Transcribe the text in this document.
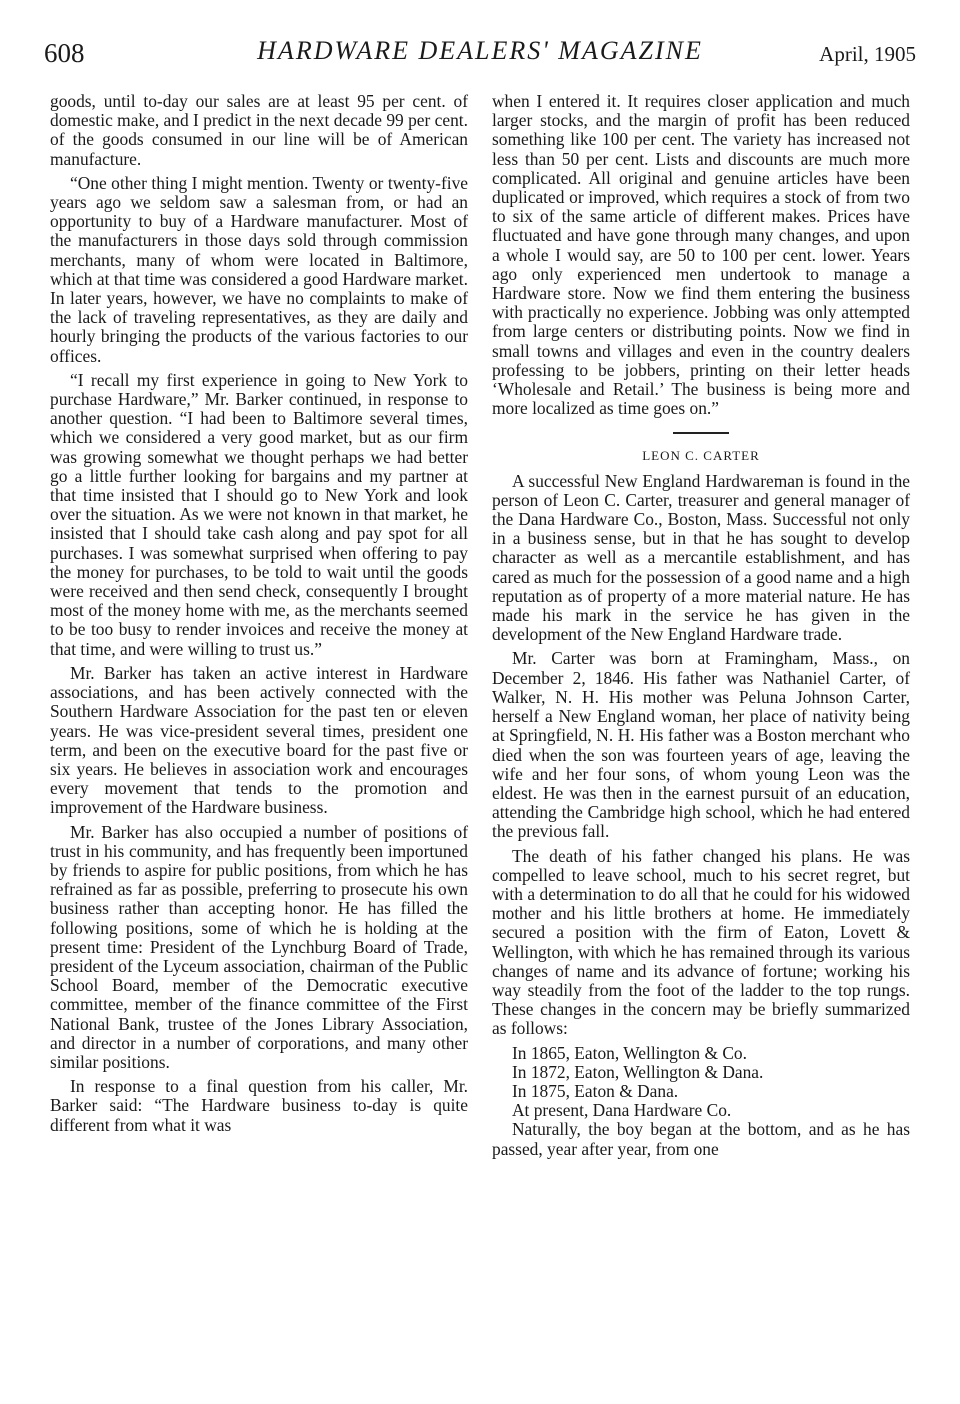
608	HARDWARE DEALERS' MAGAZINE	April, 1905

goods, until to-day our sales are at least 95 per cent. of domestic make, and I predict in the next decade 99 per cent. of the goods consumed in our line will be of American manufacture.

“One other thing I might mention. Twenty or twenty-five years ago we seldom saw a salesman from, or had an opportunity to buy of a Hardware manufacturer. Most of the manufacturers in those days sold through commission merchants, many of whom were located in Baltimore, which at that time was considered a good Hardware market. In later years, however, we have no complaints to make of the lack of traveling representatives, as they are daily and hourly bringing the products of the various factories to our offices.

“I recall my first experience in going to New York to purchase Hardware,” Mr. Barker continued, in response to another question. “I had been to Baltimore several times, which we considered a very good market, but as our firm was growing somewhat we thought perhaps we had better go a little further looking for bargains and my partner at that time insisted that I should go to New York and look over the situation. As we were not known in that market, he insisted that I should take cash along and pay spot for all purchases. I was somewhat surprised when offering to pay the money for purchases, to be told to wait until the goods were received and then send check, consequently I brought most of the money home with me, as the merchants seemed to be too busy to render invoices and receive the money at that time, and were willing to trust us.”

Mr. Barker has taken an active interest in Hardware associations, and has been actively connected with the Southern Hardware Association for the past ten or eleven years. He was vice-president several times, president one term, and been on the executive board for the past five or six years. He believes in association work and encourages every movement that tends to the promotion and improvement of the Hardware business.

Mr. Barker has also occupied a number of positions of trust in his community, and has frequently been importuned by friends to aspire for public positions, from which he has refrained as far as possible, preferring to prosecute his own business rather than accepting honor. He has filled the following positions, some of which he is holding at the present time: President of the Lynchburg Board of Trade, president of the Lyceum association, chairman of the Public School Board, member of the Democratic executive committee, member of the finance committee of the First National Bank, trustee of the Jones Library Association, and director in a number of corporations, and many other similar positions.

In response to a final question from his caller, Mr. Barker said: “The Hardware business to-day is quite different from what it was

when I entered it. It requires closer application and much larger stocks, and the margin of profit has been reduced something like 100 per cent. The variety has increased not less than 50 per cent. Lists and discounts are much more complicated. All original and genuine articles have been duplicated or improved, which requires a stock of from two to six of the same article of different makes. Prices have fluctuated and have gone through many changes, and upon a whole I would say, are 50 to 100 per cent. lower. Years ago only experienced men undertook to manage a Hardware store. Now we find them entering the business with practically no experience. Jobbing was only attempted from large centers or distributing points. Now we find in small towns and villages and even in the country dealers professing to be jobbers, printing on their letter heads ‘Wholesale and Retail.’ The business is being more and more localized as time goes on.”

LEON C. CARTER

A successful New England Hardwareman is found in the person of Leon C. Carter, treasurer and general manager of the Dana Hardware Co., Boston, Mass. Successful not only in a business sense, but in that he has sought to develop character as well as a mercantile establishment, and has cared as much for the possession of a good name and a high reputation as of property of a more material nature. He has made his mark in the service he has given in the development of the New England Hardware trade.

Mr. Carter was born at Framingham, Mass., on December 2, 1846. His father was Nathaniel Carter, of Walker, N. H. His mother was Peluna Johnson Carter, herself a New England woman, her place of nativity being at Springfield, N. H. His father was a Boston merchant who died when the son was fourteen years of age, leaving the wife and her four sons, of whom young Leon was the eldest. He was then in the earnest pursuit of an education, attending the Cambridge high school, which he had entered the previous fall.

The death of his father changed his plans. He was compelled to leave school, much to his secret regret, but with a determination to do all that he could for his widowed mother and his little brothers at home. He immediately secured a position with the firm of Eaton, Lovett & Wellington, with which he has remained through its various changes of name and its advance of fortune; working his way steadily from the foot of the ladder to the top rungs. These changes in the concern may be briefly summarized as follows:

In 1865, Eaton, Wellington & Co.
In 1872, Eaton, Wellington & Dana.
In 1875, Eaton & Dana.
At present, Dana Hardware Co.

Naturally, the boy began at the bottom, and as he has passed, year after year, from one
